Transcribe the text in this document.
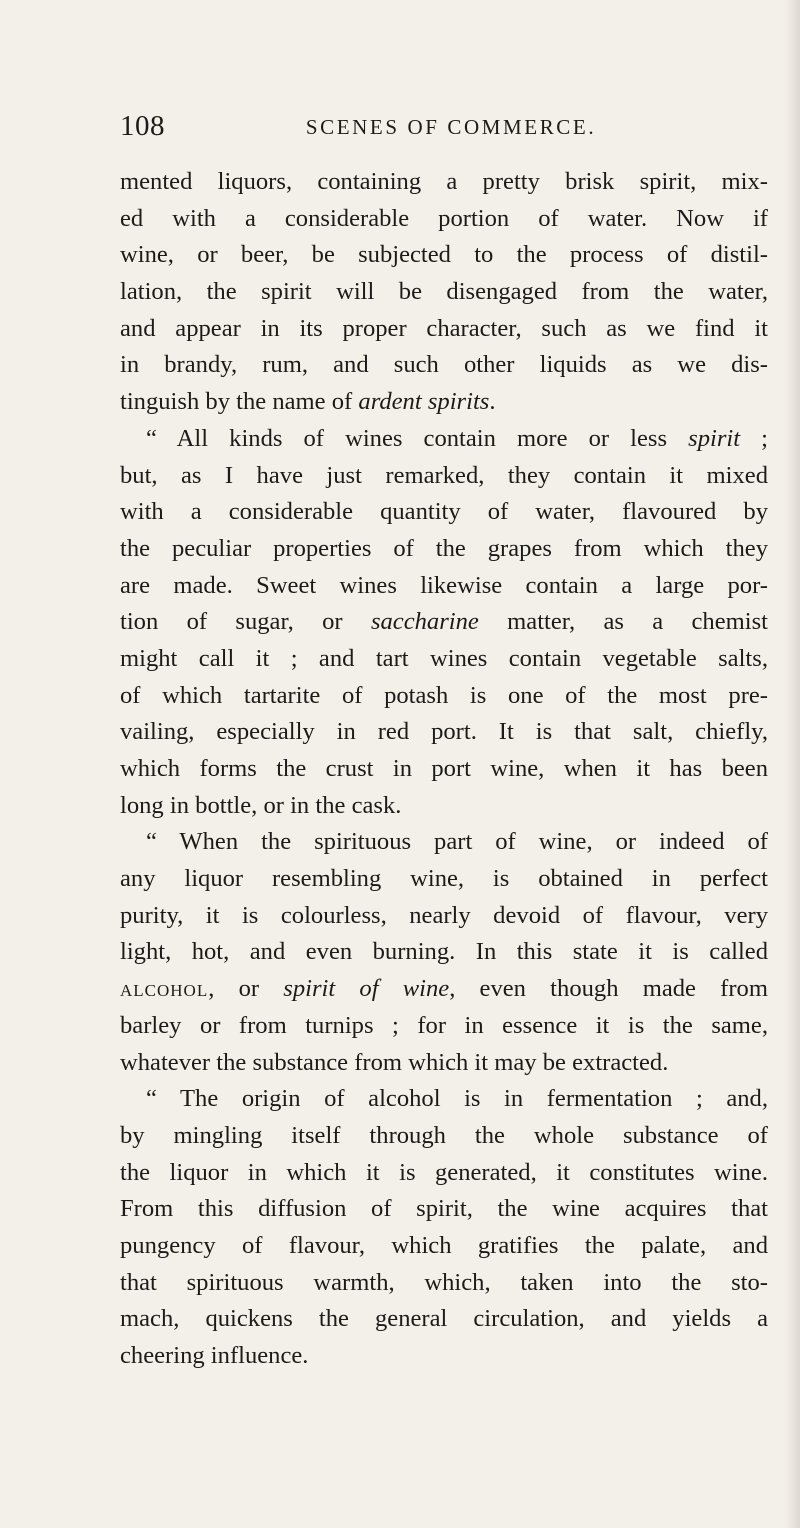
108	SCENES OF COMMERCE.
mented liquors, containing a pretty brisk spirit, mix-
ed with a considerable portion of water. Now if
wine, or beer, be subjected to the process of distil-
lation, the spirit will be disengaged from the water,
and appear in its proper character, such as we find it
in brandy, rum, and such other liquids as we dis-
tinguish by the name of ardent spirits.
“ All kinds of wines contain more or less spirit ;
but, as I have just remarked, they contain it mixed
with a considerable quantity of water, flavoured by
the peculiar properties of the grapes from which they
are made. Sweet wines likewise contain a large por-
tion of sugar, or saccharine matter, as a chemist
might call it ; and tart wines contain vegetable salts,
of which tartarite of potash is one of the most pre-
vailing, especially in red port. It is that salt, chiefly,
which forms the crust in port wine, when it has been
long in bottle, or in the cask.
“ When the spirituous part of wine, or indeed of
any liquor resembling wine, is obtained in perfect
purity, it is colourless, nearly devoid of flavour, very
light, hot, and even burning. In this state it is called
alcohol, or spirit of wine, even though made from
barley or from turnips ; for in essence it is the same,
whatever the substance from which it may be extracted.
“ The origin of alcohol is in fermentation ; and,
by mingling itself through the whole substance of
the liquor in which it is generated, it constitutes wine.
From this diffusion of spirit, the wine acquires that
pungency of flavour, which gratifies the palate, and
that spirituous warmth, which, taken into the sto-
mach, quickens the general circulation, and yields a
cheering influence.
